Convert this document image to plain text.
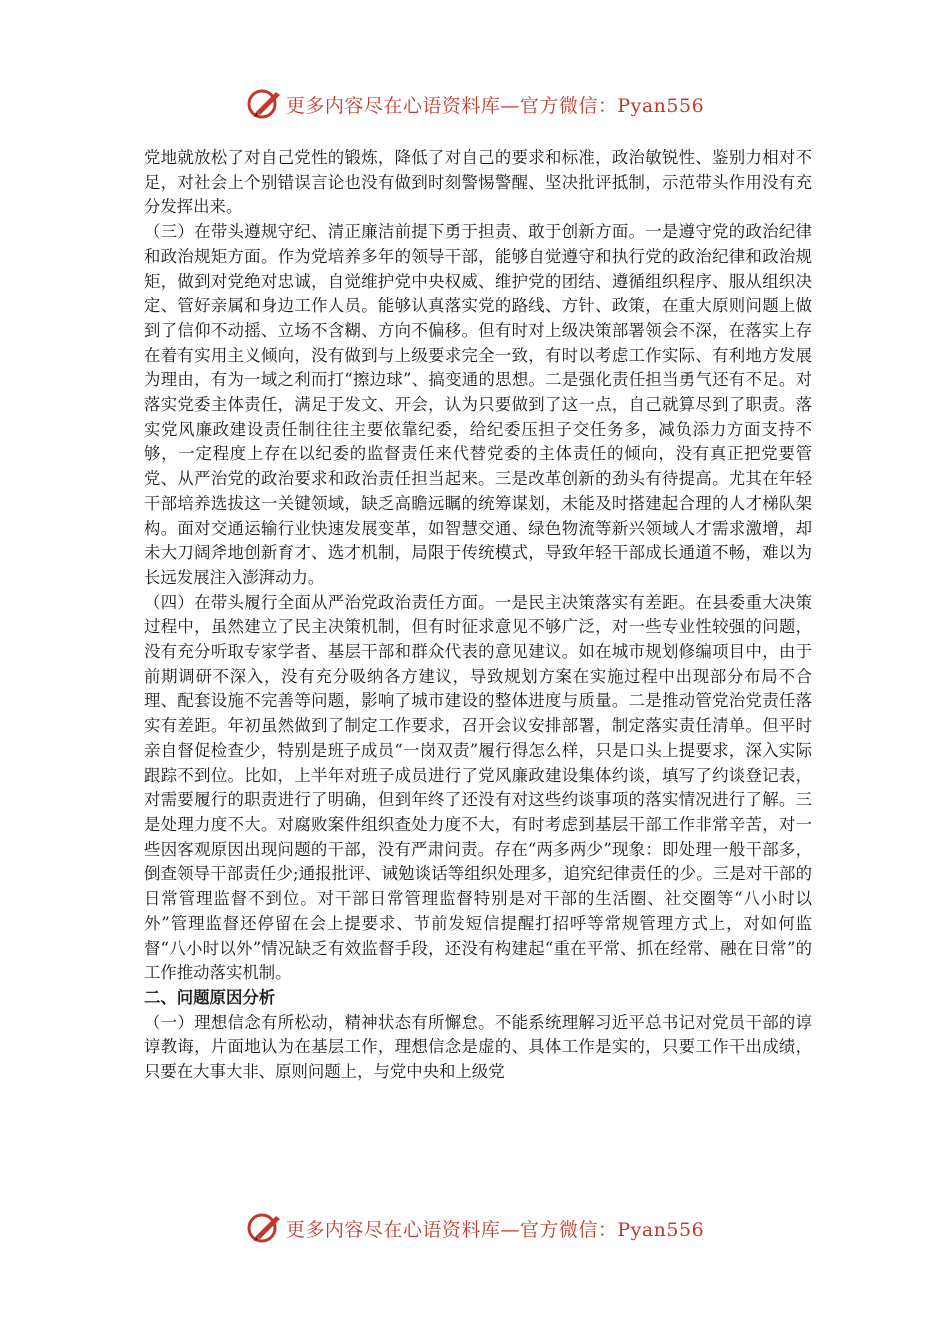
更多内容尽在心语资料库—官方微信：Pyan556

党地就放松了对自己党性的锻炼，降低了对自己的要求和标准，政治敏锐性、鉴别力相对不足，对社会上个别错误言论也没有做到时刻警惕警醒、坚决批评抵制，示范带头作用没有充分发挥出来。

（三）在带头遵规守纪、清正廉洁前提下勇于担责、敢于创新方面。一是遵守党的政治纪律和政治规矩方面。作为党培养多年的领导干部，能够自觉遵守和执行党的政治纪律和政治规矩，做到对党绝对忠诚，自觉维护党中央权威、维护党的团结、遵循组织程序、服从组织决定、管好亲属和身边工作人员。能够认真落实党的路线、方针、政策，在重大原则问题上做到了信仰不动摇、立场不含糊、方向不偏移。但有时对上级决策部署领会不深，在落实上存在着有实用主义倾向，没有做到与上级要求完全一致，有时以考虑工作实际、有利地方发展为理由，有为一域之利而打“擦边球”、搞变通的思想。二是强化责任担当勇气还有不足。对落实党委主体责任，满足于发文、开会，认为只要做到了这一点，自己就算尽到了职责。落实党风廉政建设责任制往往主要依靠纪委，给纪委压担子交任务多，减负添力方面支持不够，一定程度上存在以纪委的监督责任来代替党委的主体责任的倾向，没有真正把党要管党、从严治党的政治要求和政治责任担当起来。三是改革创新的劲头有待提高。尤其在年轻干部培养选拔这一关键领域，缺乏高瞻远瞩的统筹谋划，未能及时搭建起合理的人才梯队架构。面对交通运输行业快速发展变革，如智慧交通、绿色物流等新兴领域人才需求激增，却未大刀阔斧地创新育才、选才机制，局限于传统模式，导致年轻干部成长通道不畅，难以为长远发展注入澎湃动力。

（四）在带头履行全面从严治党政治责任方面。一是民主决策落实有差距。在县委重大决策过程中，虽然建立了民主决策机制，但有时征求意见不够广泛，对一些专业性较强的问题，没有充分听取专家学者、基层干部和群众代表的意见建议。如在城市规划修编项目中，由于前期调研不深入，没有充分吸纳各方建议，导致规划方案在实施过程中出现部分布局不合理、配套设施不完善等问题，影响了城市建设的整体进度与质量。二是推动管党治党责任落实有差距。年初虽然做到了制定工作要求，召开会议安排部署，制定落实责任清单。但平时亲自督促检查少，特别是班子成员“一岗双责”履行得怎么样，只是口头上提要求，深入实际跟踪不到位。比如，上半年对班子成员进行了党风廉政建设集体约谈，填写了约谈登记表，对需要履行的职责进行了明确，但到年终了还没有对这些约谈事项的落实情况进行了解。三是处理力度不大。对腐败案件组织查处力度不大，有时考虑到基层干部工作非常辛苦，对一些因客观原因出现问题的干部，没有严肃问责。存在“两多两少”现象：即处理一般干部多，倒查领导干部责任少;通报批评、诫勉谈话等组织处理多，追究纪律责任的少。三是对干部的日常管理监督不到位。对干部日常管理监督特别是对干部的生活圈、社交圈等“八小时以外”管理监督还停留在会上提要求、节前发短信提醒打招呼等常规管理方式上，对如何监督“八小时以外”情况缺乏有效监督手段，还没有构建起“重在平常、抓在经常、融在日常”的工作推动落实机制。

二、问题原因分析

（一）理想信念有所松动，精神状态有所懈怠。不能系统理解习近平总书记对党员干部的谆谆教诲，片面地认为在基层工作，理想信念是虚的、具体工作是实的，只要工作干出成绩，只要在大事大非、原则问题上，与党中央和上级党

更多内容尽在心语资料库—官方微信：Pyan556
